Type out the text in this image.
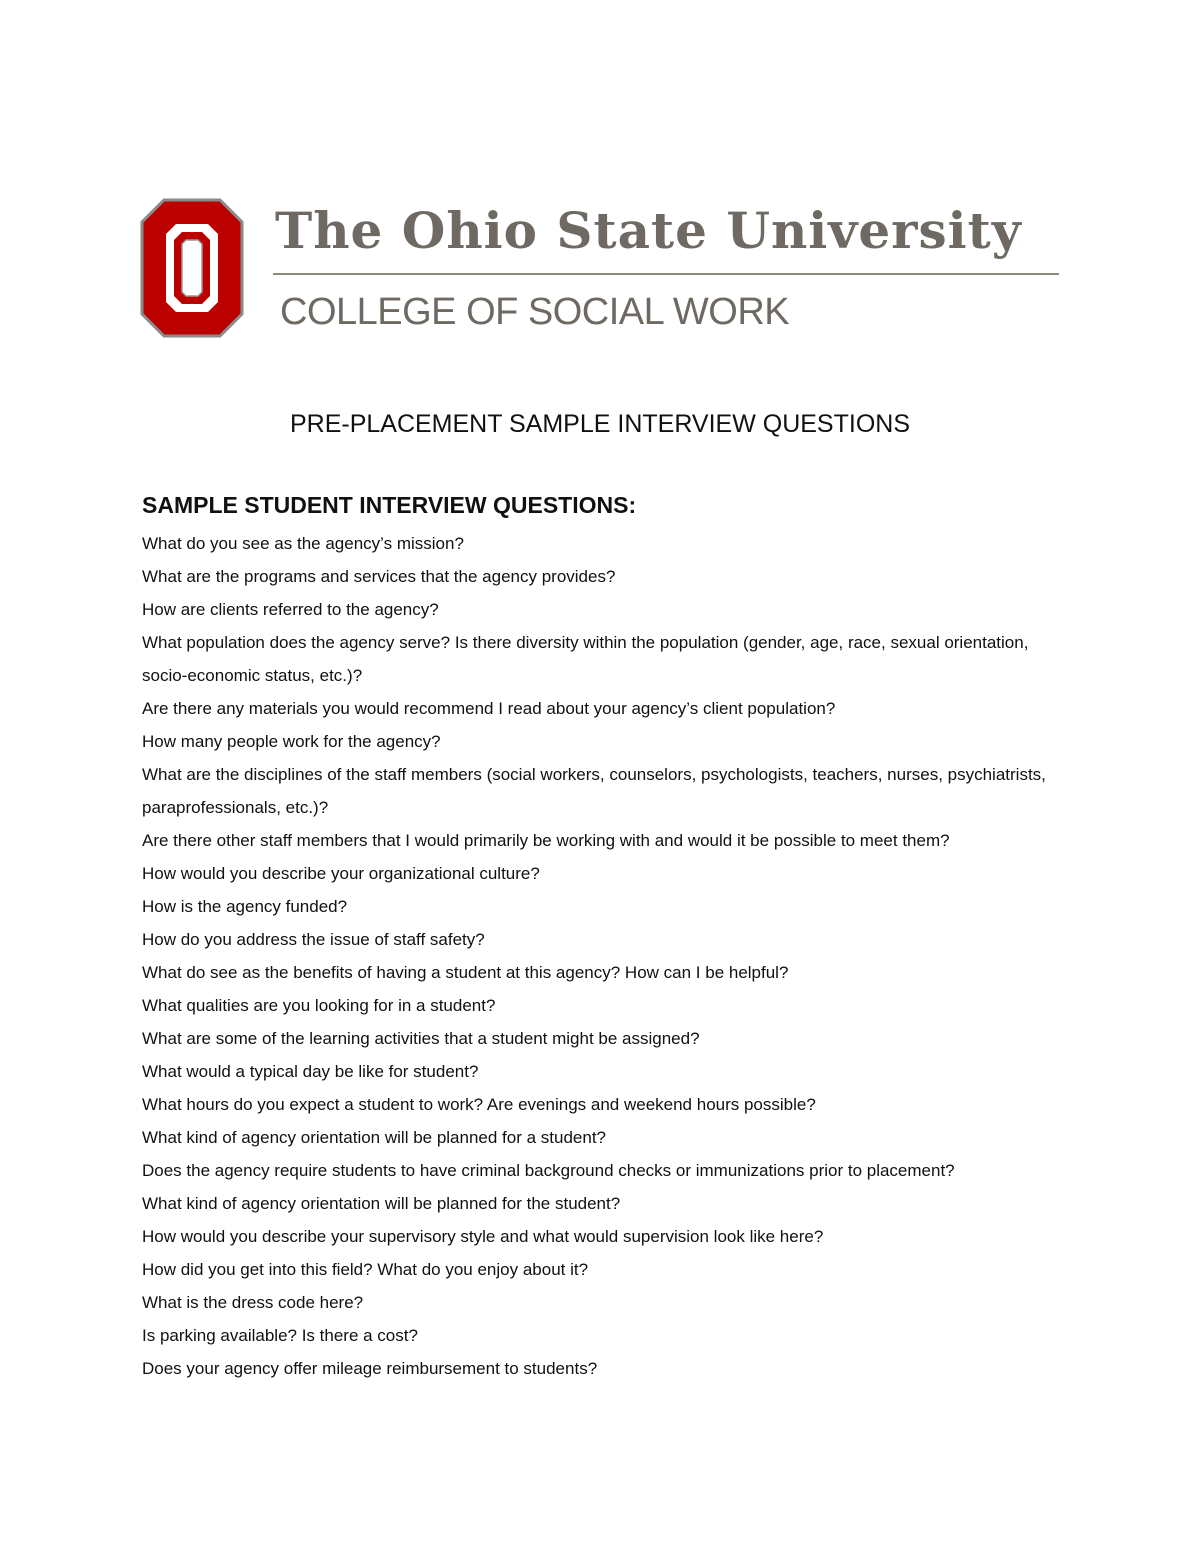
The Ohio State University
COLLEGE OF SOCIAL WORK
PRE-PLACEMENT SAMPLE INTERVIEW QUESTIONS
SAMPLE STUDENT INTERVIEW QUESTIONS:
What do you see as the agency’s mission?
What are the programs and services that the agency provides?
How are clients referred to the agency?
What population does the agency serve? Is there diversity within the population (gender, age, race, sexual orientation, socio-economic status, etc.)?
Are there any materials you would recommend I read about your agency’s client population?
How many people work for the agency?
What are the disciplines of the staff members (social workers, counselors, psychologists, teachers, nurses, psychiatrists, paraprofessionals, etc.)?
Are there other staff members that I would primarily be working with and would it be possible to meet them?
How would you describe your organizational culture?
How is the agency funded?
How do you address the issue of staff safety?
What do see as the benefits of having a student at this agency? How can I be helpful?
What qualities are you looking for in a student?
What are some of the learning activities that a student might be assigned?
What would a typical day be like for student?
What hours do you expect a student to work? Are evenings and weekend hours possible?
What kind of agency orientation will be planned for a student?
Does the agency require students to have criminal background checks or immunizations prior to placement?
What kind of agency orientation will be planned for the student?
How would you describe your supervisory style and what would supervision look like here?
How did you get into this field? What do you enjoy about it?
What is the dress code here?
Is parking available? Is there a cost?
Does your agency offer mileage reimbursement to students?
